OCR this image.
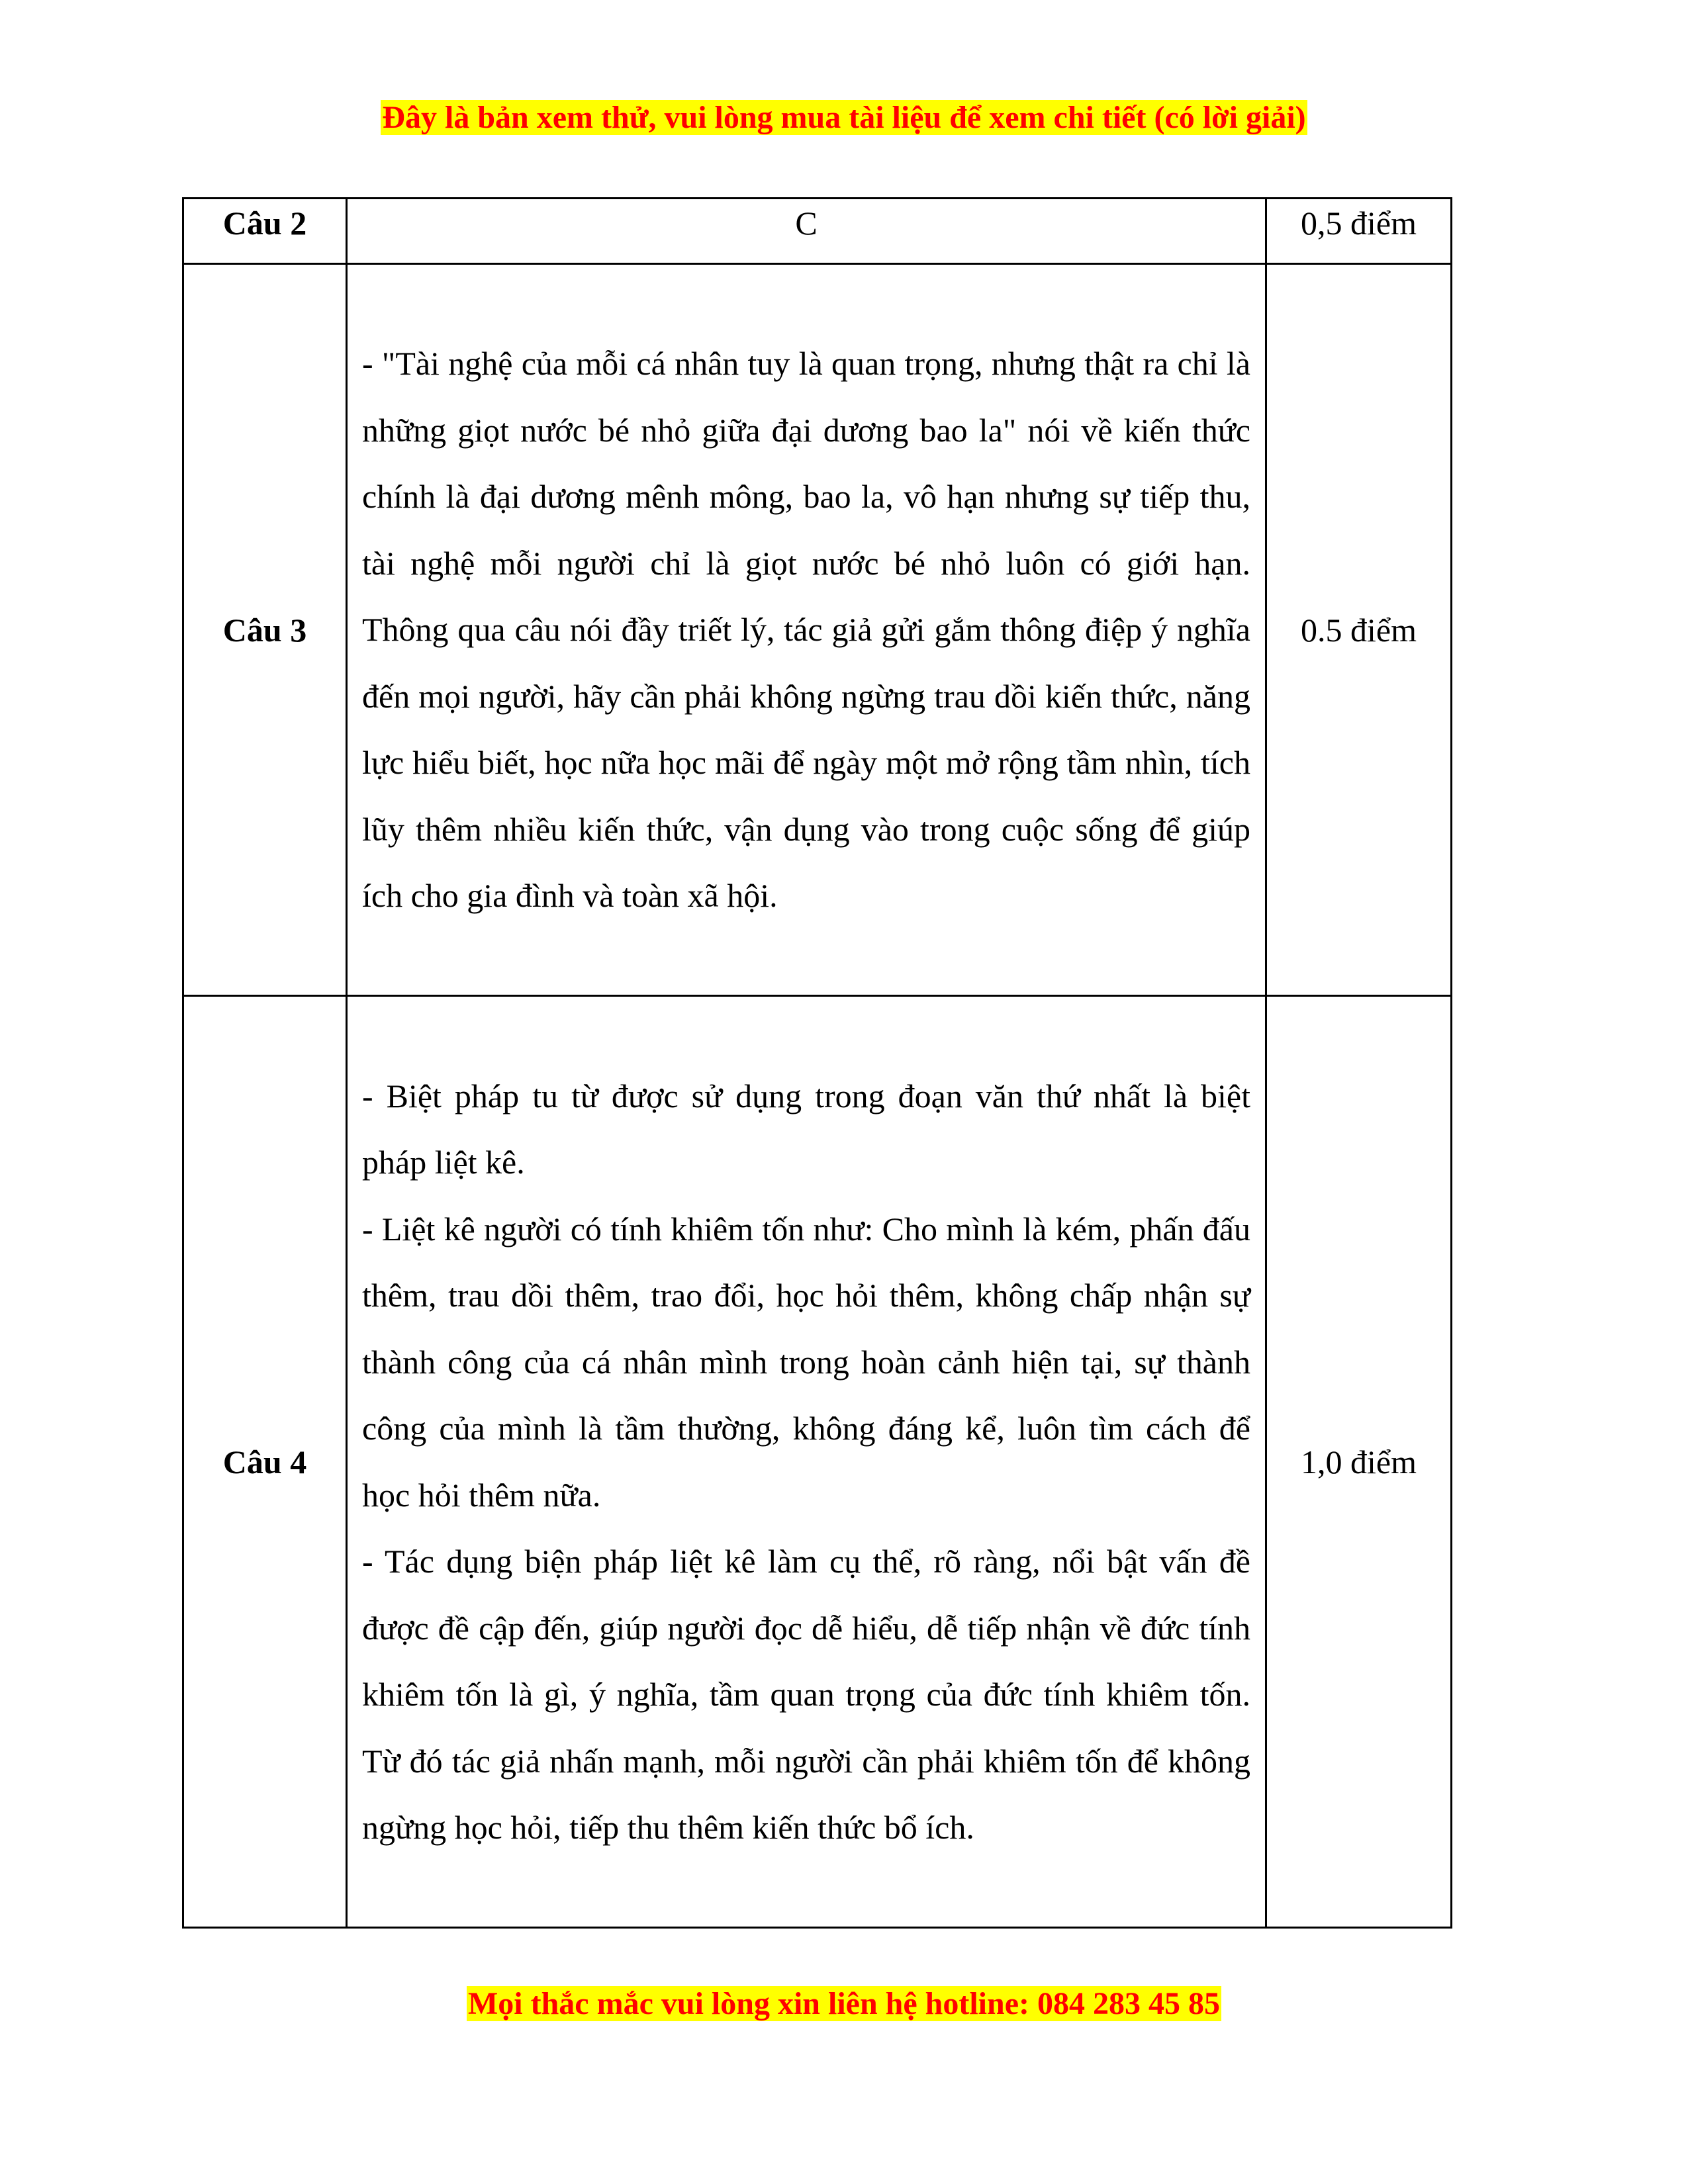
Đây là bản xem thử, vui lòng mua tài liệu để xem chi tiết (có lời giải)
Câu 2	C	0,5 điểm
Câu 3	- "Tài nghệ của mỗi cá nhân tuy là quan trọng, nhưng thật ra chỉ là những giọt nước bé nhỏ giữa đại dương bao la" nói về kiến thức chính là đại dương mênh mông, bao la, vô hạn nhưng sự tiếp thu, tài nghệ mỗi người chỉ là giọt nước bé nhỏ luôn có giới hạn. Thông qua câu nói đầy triết lý, tác giả gửi gắm thông điệp ý nghĩa đến mọi người, hãy cần phải không ngừng trau dồi kiến thức, năng lực hiểu biết, học nữa học mãi để ngày một mở rộng tầm nhìn, tích lũy thêm nhiều kiến thức, vận dụng vào trong cuộc sống để giúp ích cho gia đình và toàn xã hội.	0.5 điểm
Câu 4	- Biệt pháp tu từ được sử dụng trong đoạn văn thứ nhất là biệt pháp liệt kê.

- Liệt kê người có tính khiêm tốn như: Cho mình là kém, phấn đấu thêm, trau dồi thêm, trao đổi, học hỏi thêm, không chấp nhận sự thành công của cá nhân mình trong hoàn cảnh hiện tại, sự thành công của mình là tầm thường, không đáng kể, luôn tìm cách để học hỏi thêm nữa.

- Tác dụng biện pháp liệt kê làm cụ thể, rõ ràng, nổi bật vấn đề được đề cập đến, giúp người đọc dễ hiểu, dễ tiếp nhận về đức tính khiêm tốn là gì, ý nghĩa, tầm quan trọng của đức tính khiêm tốn. Từ đó tác giả nhấn mạnh, mỗi người cần phải khiêm tốn để không ngừng học hỏi, tiếp thu thêm kiến thức bổ ích.	1,0 điểm
Mọi thắc mắc vui lòng xin liên hệ hotline: 084 283 45 85
